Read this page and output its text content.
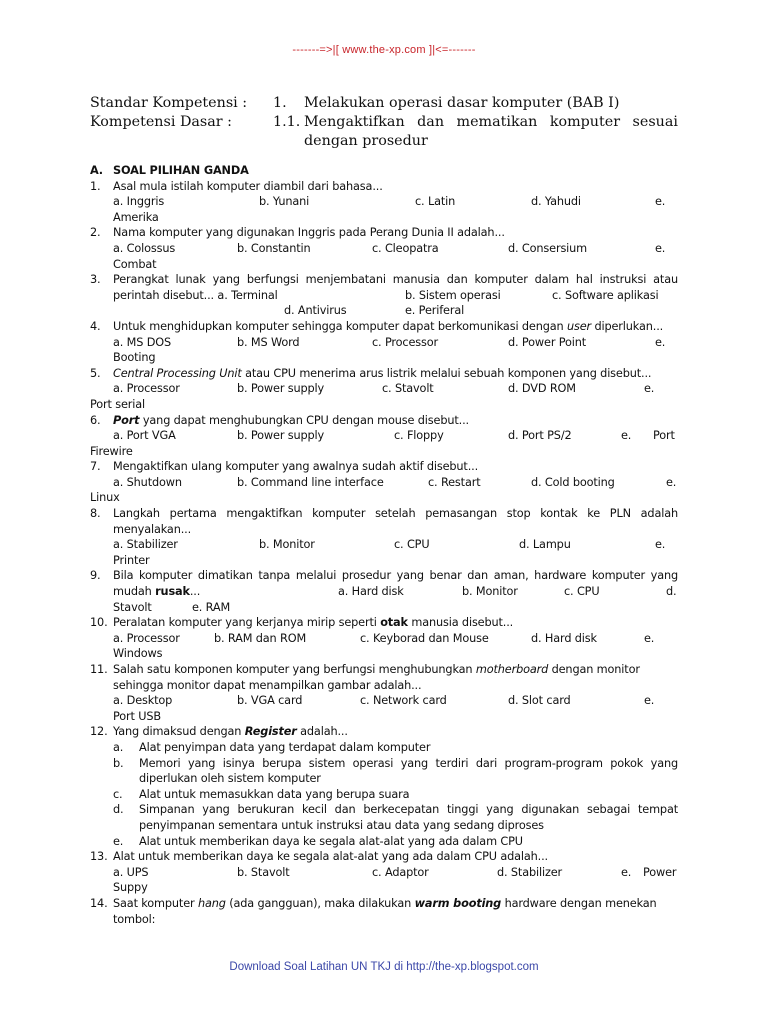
-------=>|[ www.the-xp.com ]|<=-------
Standar Kompetensi : 1. Melakukan operasi dasar komputer (BAB I)
Kompetensi Dasar :	1.1. Mengaktifkan dan mematikan komputer sesuai
dengan prosedur
A. SOAL PILIHAN GANDA
1. Asal mula istilah komputer diambil dari bahasa...
a. Inggris	b. Yunani	c. Latin	d. Yahudi	e.
Amerika
2. Nama komputer yang digunakan Inggris pada Perang Dunia II adalah...
a. Colossus	b. Constantin	c. Cleopatra	d. Consersium	e.
Combat
3. Perangkat lunak yang berfungsi menjembatani manusia dan komputer dalam hal instruksi atau
perintah disebut... a. Terminal	b. Sistem operasi	c. Software aplikasi
d. Antivirus	e. Periferal
4. Untuk menghidupkan komputer sehingga komputer dapat berkomunikasi dengan user diperlukan...
a. MS DOS	b. MS Word	c. Processor	d. Power Point	e.
Booting
5. Central Processing Unit atau CPU menerima arus listrik melalui sebuah komponen yang disebut...
a. Processor	b. Power supply	c. Stavolt	d. DVD ROM	e.
Port serial
6. Port yang dapat menghubungkan CPU dengan mouse disebut...
a. Port VGA	b. Power supply	c. Floppy	d. Port PS/2	e. Port
Firewire
7. Mengaktifkan ulang komputer yang awalnya sudah aktif disebut...
a. Shutdown	b. Command line interface	c. Restart	d. Cold booting	e.
Linux
8. Langkah pertama mengaktifkan komputer setelah pemasangan stop kontak ke PLN adalah
menyalakan...
a. Stabilizer	b. Monitor	c. CPU	d. Lampu	e.
Printer
9. Bila komputer dimatikan tanpa melalui prosedur yang benar dan aman, hardware komputer yang
mudah rusak...	a. Hard disk	b. Monitor	c. CPU	d.
Stavolt	e. RAM
10. Peralatan komputer yang kerjanya mirip seperti otak manusia disebut...
a. Processor	b. RAM dan ROM	c. Keyborad dan Mouse	d. Hard disk	e.
Windows
11. Salah satu komponen komputer yang berfungsi menghubungkan motherboard dengan monitor
sehingga monitor dapat menampilkan gambar adalah...
a. Desktop	b. VGA card	c. Network card	d. Slot card	e.
Port USB
12. Yang dimaksud dengan Register adalah...
a. Alat penyimpan data yang terdapat dalam komputer
b. Memori yang isinya berupa sistem operasi yang terdiri dari program-program pokok yang
diperlukan oleh sistem komputer
c. Alat untuk memasukkan data yang berupa suara
d. Simpanan yang berukuran kecil dan berkecepatan tinggi yang digunakan sebagai tempat
penyimpanan sementara untuk instruksi atau data yang sedang diproses
e. Alat untuk memberikan daya ke segala alat-alat yang ada dalam CPU
13. Alat untuk memberikan daya ke segala alat-alat yang ada dalam CPU adalah...
a. UPS	b. Stavolt	c. Adaptor	d. Stabilizer	e. Power
Suppy
14. Saat komputer hang (ada gangguan), maka dilakukan warm booting hardware dengan menekan
tombol:
Download Soal Latihan UN TKJ di http://the-xp.blogspot.com
